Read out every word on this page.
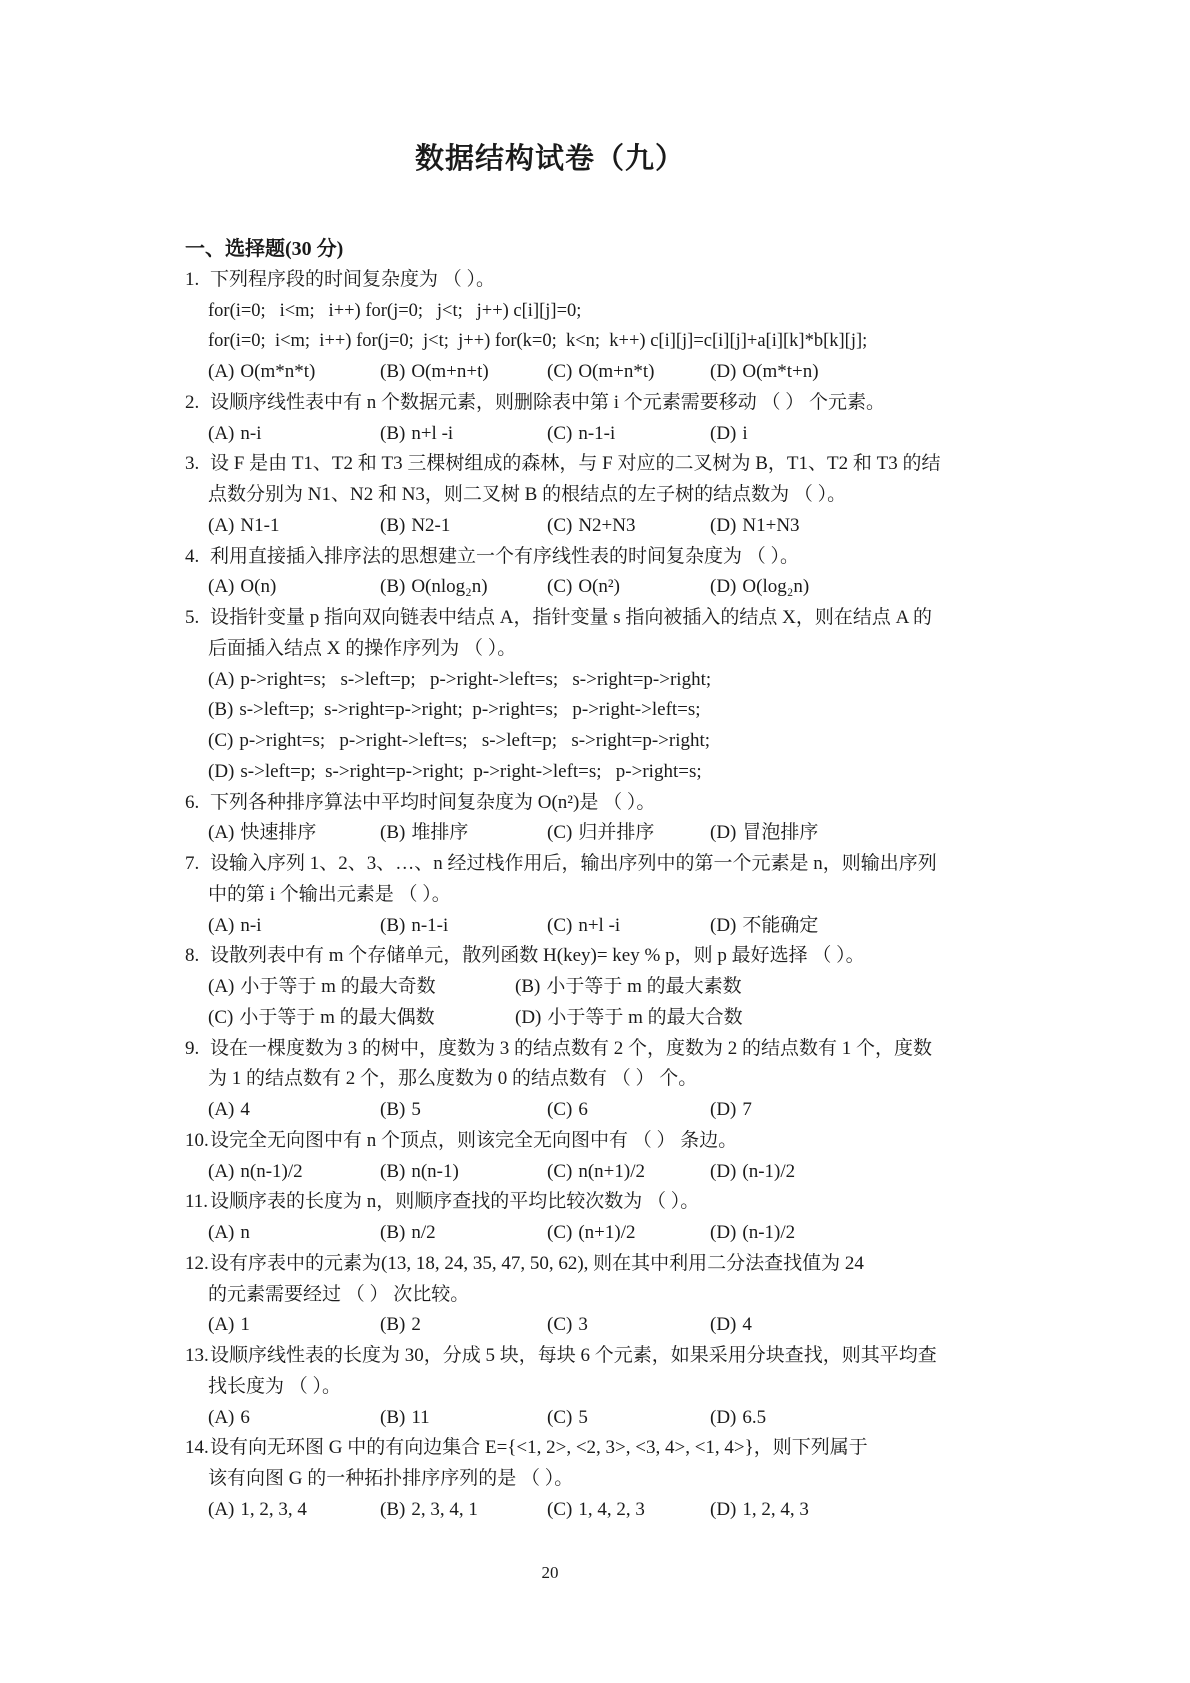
数据结构试卷（九）
一、选择题(30 分)
1. 下列程序段的时间复杂度为 （ ）。
for(i=0;   i<m;   i++) for(j=0;   j<t;   j++) c[i][j]=0;
for(i=0;  i<m;  i++) for(j=0;  j<t;  j++) for(k=0;  k<n;  k++) c[i][j]=c[i][j]+a[i][k]*b[k][j];
(A) O(m*n*t)	(B) O(m+n+t)	(C) O(m+n*t)	(D) O(m*t+n)
2. 设顺序线性表中有 n 个数据元素，则删除表中第 i 个元素需要移动 （ ） 个元素。
(A) n-i	(B) n+l -i	(C) n-1-i	(D) i
3. 设 F 是由 T1、T2 和 T3 三棵树组成的森林，与 F 对应的二叉树为 B，T1、T2 和 T3 的结
点数分别为 N1、N2 和 N3，则二叉树 B 的根结点的左子树的结点数为 （ ）。
(A) N1-1	(B) N2-1	(C) N2+N3	(D) N1+N3
4. 利用直接插入排序法的思想建立一个有序线性表的时间复杂度为 （ ）。
(A) O(n)	(B) O(nlog₂n)	(C) O(n²)	(D) O(log₂n)
5. 设指针变量 p 指向双向链表中结点 A，指针变量 s 指向被插入的结点 X，则在结点 A 的
后面插入结点 X 的操作序列为 （ ）。
(A) p->right=s;   s->left=p;   p->right->left=s;   s->right=p->right;
(B) s->left=p;  s->right=p->right;  p->right=s;   p->right->left=s;
(C) p->right=s;   p->right->left=s;   s->left=p;   s->right=p->right;
(D) s->left=p;  s->right=p->right;  p->right->left=s;   p->right=s;
6. 下列各种排序算法中平均时间复杂度为 O(n²)是 （ ）。
(A) 快速排序	(B) 堆排序	(C) 归并排序	(D) 冒泡排序
7. 设输入序列 1、2、3、…、n 经过栈作用后，输出序列中的第一个元素是 n，则输出序列
中的第 i 个输出元素是 （ ）。
(A) n-i	(B) n-1-i	(C) n+l -i	(D) 不能确定
8. 设散列表中有 m 个存储单元，散列函数 H(key)= key % p，则 p 最好选择 （ ）。
(A) 小于等于 m 的最大奇数	(B) 小于等于 m 的最大素数
(C) 小于等于 m 的最大偶数	(D) 小于等于 m 的最大合数
9. 设在一棵度数为 3 的树中，度数为 3 的结点数有 2 个，度数为 2 的结点数有 1 个，度数
为 1 的结点数有 2 个，那么度数为 0 的结点数有 （ ） 个。
(A) 4	(B) 5	(C) 6	(D) 7
10.设完全无向图中有 n 个顶点，则该完全无向图中有 （ ） 条边。
(A) n(n-1)/2	(B) n(n-1)	(C) n(n+1)/2	(D) (n-1)/2
11. 设顺序表的长度为 n，则顺序查找的平均比较次数为 （ ）。
(A) n	(B) n/2	(C) (n+1)/2	(D) (n-1)/2
12.设有序表中的元素为(13, 18, 24, 35, 47, 50, 62), 则在其中利用二分法查找值为 24
的元素需要经过 （ ） 次比较。
(A) 1	(B) 2	(C) 3	(D) 4
13.设顺序线性表的长度为 30，分成 5 块，每块 6 个元素，如果采用分块查找，则其平均查
找长度为 （ ）。
(A) 6	(B) 11	(C) 5	(D) 6.5
14.设有向无环图 G 中的有向边集合 E={<1, 2>, <2, 3>, <3, 4>, <1, 4>}，则下列属于
该有向图 G 的一种拓扑排序序列的是 （ ）。
(A) 1, 2, 3, 4	(B) 2, 3, 4, 1	(C) 1, 4, 2, 3	(D) 1, 2, 4, 3
20
